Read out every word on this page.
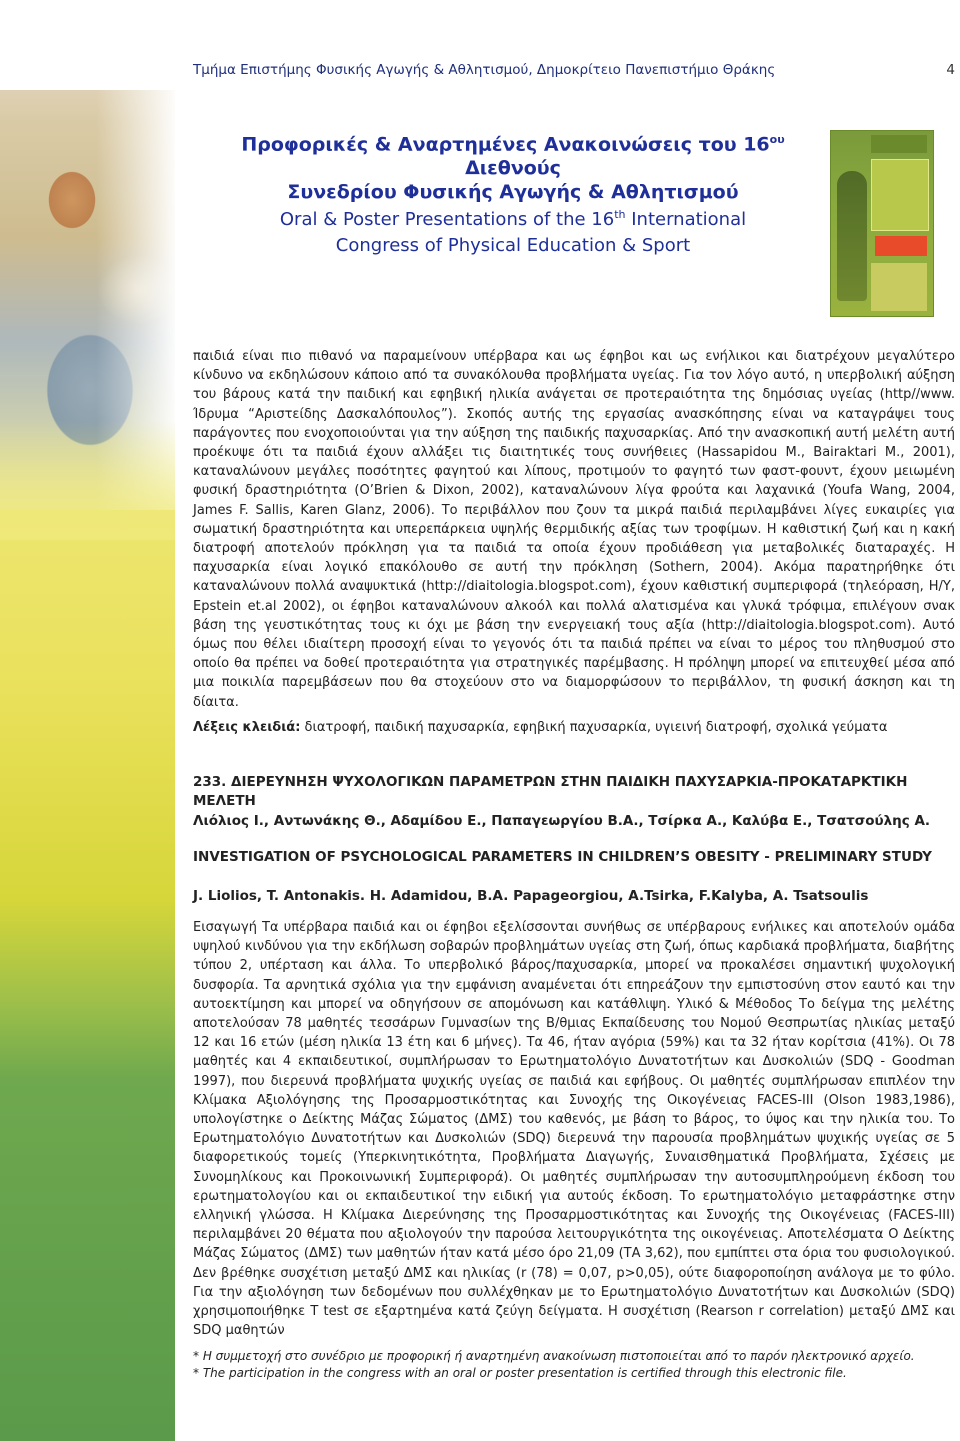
Τμήμα Επιστήμης Φυσικής Αγωγής & Αθλητισμού, Δημοκρίτειο Πανεπιστήμιο Θράκης	4
Προφορικές & Αναρτημένες Ανακοινώσεις του $16^{o\upsilon}$ Διεθνούς
Συνεδρίου Φυσικής Αγωγής & Αθλητισμού
Oral & Poster Presentations of the 16th International
Congress of Physical Education & Sport

παιδιά είναι πιο πιθανό να παραμείνουν υπέρβαρα και ως έφηβοι και ως ενήλικοι και διατρέχουν μεγαλύτερο κίνδυνο να εκδηλώσουν κάποιο από τα συνακόλουθα προβλήματα υγείας. Για τον λόγο αυτό, η υπερβολική αύξηση του βάρους κατά την παιδική και εφηβική ηλικία ανάγεται σε προτεραιότητα της δημόσιας υγείας (http//www. Ίδρυμα “Αριστείδης Δασκαλόπουλος”). Σκοπός αυτής της εργασίας ανασκόπησης είναι να καταγράψει τους παράγοντες που ενοχοποιούνται για την αύξηση της παιδικής παχυσαρκίας. Από την ανασκοπική αυτή μελέτη αυτή προέκυψε ότι τα παιδιά έχουν αλλάξει τις διαιτητικές τους συνήθειες (Hassapidou M., Bairaktari M., 2001), καταναλώνουν μεγάλες ποσότητες φαγητού και λίπους, προτιμούν το φαγητό των φαστ-φουντ, έχουν μειωμένη φυσική δραστηριότητα (O’Brien & Dixon, 2002), καταναλώνουν λίγα φρούτα και λαχανικά (Youfa Wang, 2004, James F. Sallis, Karen Glanz, 2006). Το περιβάλλον που ζουν τα μικρά παιδιά περιλαμβάνει λίγες ευκαιρίες για σωματική δραστηριότητα και υπερεπάρκεια υψηλής θερμιδικής αξίας των τροφίμων. Η καθιστική ζωή και η κακή διατροφή αποτελούν πρόκληση για τα παιδιά τα οποία έχουν προδιάθεση για μεταβολικές διαταραχές. Η παχυσαρκία είναι λογικό επακόλουθο σε αυτή την πρόκληση (Sothern, 2004). Ακόμα παρατηρήθηκε ότι καταναλώνουν πολλά αναψυκτικά (http://diaitologia.blogspot.com), έχουν καθιστική συμπεριφορά (τηλεόραση, Η/Υ, Epstein et.al 2002), οι έφηβοι καταναλώνουν αλκοόλ και πολλά αλατισμένα και γλυκά τρόφιμα, επιλέγουν σνακ βάση της γευστικότητας τους κι όχι με βάση την ενεργειακή τους αξία (http://diaitologia.blogspot.com). Αυτό όμως που θέλει ιδιαίτερη προσοχή είναι το γεγονός ότι τα παιδιά πρέπει να είναι το μέρος του πληθυσμού στο οποίο θα πρέπει να δοθεί προτεραιότητα για στρατηγικές παρέμβασης. Η πρόληψη μπορεί να επιτευχθεί μέσα από μια ποικιλία παρεμβάσεων που θα στοχεύουν στο να διαμορφώσουν το περιβάλλον, τη φυσική άσκηση και τη δίαιτα.

Λέξεις κλειδιά: διατροφή, παιδική παχυσαρκία, εφηβική παχυσαρκία, υγιεινή διατροφή, σχολικά γεύματα

233. ΔΙΕΡΕΥΝΗΣΗ ΨΥΧΟΛΟΓΙΚΩΝ ΠΑΡΑΜΕΤΡΩΝ ΣΤΗΝ ΠΑΙΔΙΚΗ ΠΑΧΥΣΑΡΚΙΑ-ΠΡΟΚΑΤΑΡΚΤΙΚΗ ΜΕΛΕΤΗ

Λιόλιος Ι., Αντωνάκης Θ., Αδαμίδου Ε., Παπαγεωργίου Β.Α., Τσίρκα Α., Καλύβα Ε., Τσατσούλης Α.

INVESTIGATION OF PSYCHOLOGICAL PARAMETERS IN CHILDREN’S OBESITY - PRELIMINARY STUDY

J. Liolios, T. Antonakis. H. Adamidou, B.A. Papageorgiou, A.Tsirka, F.Kalyba, A. Tsatsoulis

Εισαγωγή Τα υπέρβαρα παιδιά και οι έφηβοι εξελίσσονται συνήθως σε υπέρβαρους ενήλικες και αποτελούν ομάδα υψηλού κινδύνου για την εκδήλωση σοβαρών προβλημάτων υγείας στη ζωή, όπως καρδιακά προβλήματα, διαβήτης τύπου 2, υπέρταση και άλλα. Το υπερβολικό βάρος/παχυσαρκία, μπορεί να προκαλέσει σημαντική ψυχολογική δυσφορία. Τα αρνητικά σχόλια για την εμφάνιση αναμένεται ότι επηρεάζουν την εμπιστοσύνη στον εαυτό και την αυτοεκτίμηση και μπορεί να οδηγήσουν σε απομόνωση και κατάθλιψη. Υλικό & Μέθοδος Το δείγμα της μελέτης αποτελούσαν 78 μαθητές τεσσάρων Γυμνασίων της Β/θμιας Εκπαίδευσης του Νομού Θεσπρωτίας ηλικίας μεταξύ 12 και 16 ετών (μέση ηλικία 13 έτη και 6 μήνες). Τα 46, ήταν αγόρια (59%) και τα 32 ήταν κορίτσια (41%). Οι 78 μαθητές και 4 εκπαιδευτικοί, συμπλήρωσαν το Ερωτηματολόγιο Δυνατοτήτων και Δυσκολιών (SDQ - Goodman 1997), που διερευνά προβλήματα ψυχικής υγείας σε παιδιά και εφήβους. Οι μαθητές συμπλήρωσαν επιπλέον την Κλίμακα Αξιολόγησης της Προσαρμοστικότητας και Συνοχής της Οικογένειας FACES-III (Olson 1983,1986), υπολογίστηκε ο Δείκτης Μάζας Σώματος (ΔΜΣ) του καθενός, με βάση το βάρος, το ύψος και την ηλικία του. Το Ερωτηματολόγιο Δυνατοτήτων και Δυσκολιών (SDQ) διερευνά την παρουσία προβλημάτων ψυχικής υγείας σε 5 διαφορετικούς τομείς (Υπερκινητικότητα, Προβλήματα Διαγωγής, Συναισθηματικά Προβλήματα, Σχέσεις με Συνομηλίκους και Προκοινωνική Συμπεριφορά). Οι μαθητές συμπλήρωσαν την αυτοσυμπληρούμενη έκδοση του ερωτηματολογίου και οι εκπαιδευτικοί την ειδική για αυτούς έκδοση. Το ερωτηματολόγιο μεταφράστηκε στην ελληνική γλώσσα. Η Κλίμακα Διερεύνησης της Προσαρμοστικότητας και Συνοχής της Οικογένειας (FACES-III) περιλαμβάνει 20 θέματα που αξιολογούν την παρούσα λειτουργικότητα της οικογένειας. Αποτελέσματα Ο Δείκτης Μάζας Σώματος (ΔΜΣ) των μαθητών ήταν κατά μέσο όρο 21,09 (ΤΑ 3,62), που εμπίπτει στα όρια του φυσιολογικού. Δεν βρέθηκε συσχέτιση μεταξύ ΔΜΣ και ηλικίας (r (78) = 0,07, p>0,05), ούτε διαφοροποίηση ανάλογα με το φύλο. Για την αξιολόγηση των δεδομένων που συλλέχθηκαν με το Ερωτηματολόγιο Δυνατοτήτων και Δυσκολιών (SDQ) χρησιμοποιήθηκε T test σε εξαρτημένα κατά ζεύγη δείγματα. Η συσχέτιση (Rearson r correlation) μεταξύ ΔΜΣ και SDQ μαθητών

* Η συμμετοχή στο συνέδριο με προφορική ή αναρτημένη ανακοίνωση πιστοποιείται από το παρόν ηλεκτρονικό αρχείο.
* The participation in the congress with an oral or poster presentation is certified through this electronic file.
